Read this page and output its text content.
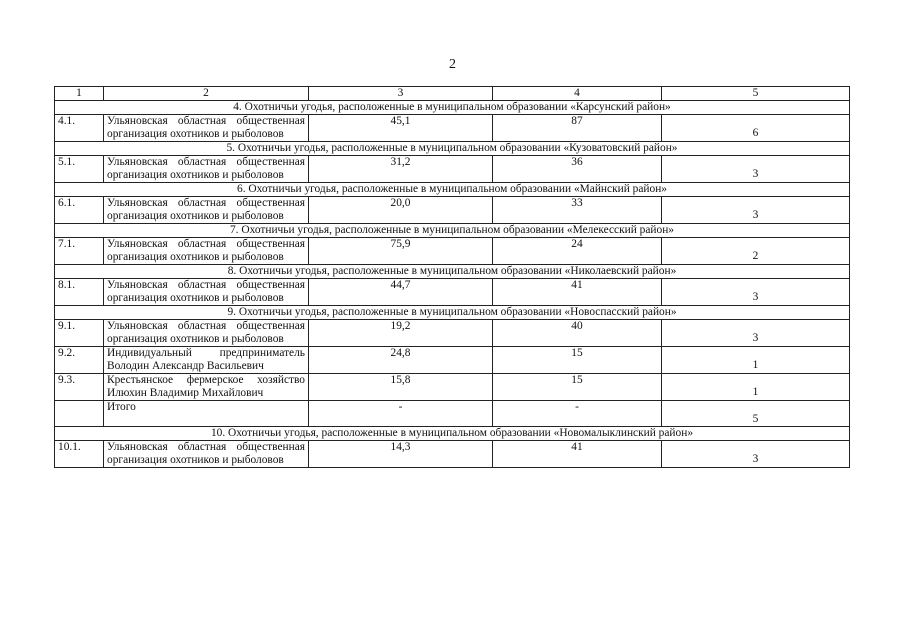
2
1	2	3	4	5
4. Охотничьи угодья, расположенные в муниципальном образовании «Карсунский район»				
4.1.	Ульяновская областная общественная организация охотников и рыболовов	45,1	87	6
5. Охотничьи угодья, расположенные в муниципальном образовании «Кузоватовский район»				
5.1.	Ульяновская областная общественная организация охотников и рыболовов	31,2	36	3
6. Охотничьи угодья, расположенные в муниципальном образовании «Майнский район»				
6.1.	Ульяновская областная общественная организация охотников и рыболовов	20,0	33	3
7. Охотничьи угодья, расположенные в муниципальном образовании «Мелекесский район»				
7.1.	Ульяновская областная общественная организация охотников и рыболовов	75,9	24	2
8. Охотничьи угодья, расположенные в муниципальном образовании «Николаевский район»				
8.1.	Ульяновская областная общественная организация охотников и рыболовов	44,7	41	3
9. Охотничьи угодья, расположенные в муниципальном образовании «Новоспасский район»				
9.1.	Ульяновская областная общественная организация охотников и рыболовов	19,2	40	3
9.2.	Индивидуальный предприниматель Володин Александр Васильевич	24,8	15	1
9.3.	Крестьянское фермерское хозяйство Илюхин Владимир Михайлович	15,8	15	1
	Итого	-	-	5
10. Охотничьи угодья, расположенные в муниципальном образовании «Новомалыклинский район»				
10.1.	Ульяновская областная общественная организация охотников и рыболовов	14,3	41	3
